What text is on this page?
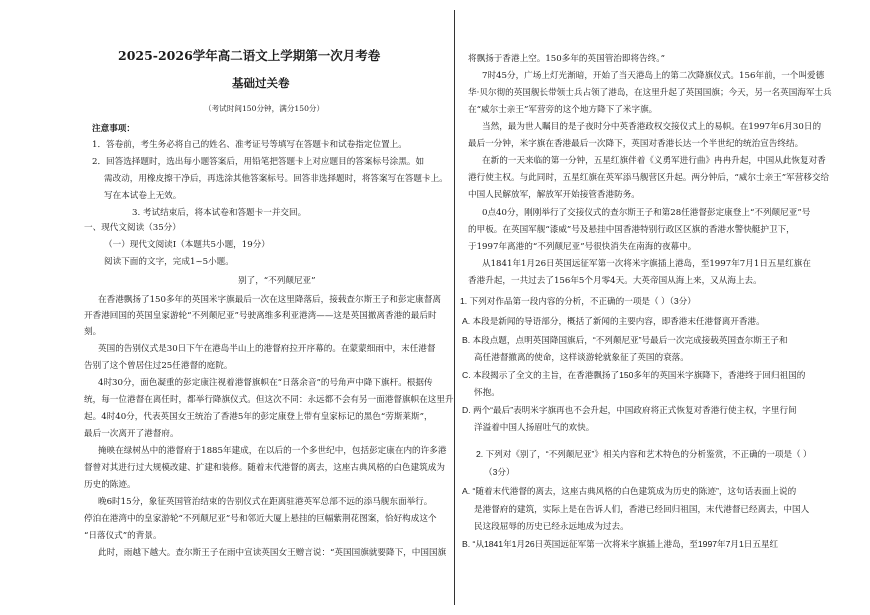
2025-2026学年高二语文上学期第一次月考卷
基础过关卷
（考试时间150分钟，满分150分）
注意事项：
1．答卷前，考生务必将自己的姓名、准考证号等填写在答题卡和试卷指定位置上。
2．回答选择题时，选出每小题答案后，用铅笔把答题卡上对应题目的答案标号涂黑。如
需改动，用橡皮擦干净后，再选涂其他答案标号。回答非选择题时，将答案写在答题卡上。
写在本试卷上无效。
3. 考试结束后，将本试卷和答题卡一并交回。
一、现代文阅读（35分）
（一）现代文阅读Ⅰ（本题共5小题，19分）
阅读下面的文字，完成1~5小题。
别了，“不列颠尼亚”
在香港飘扬了150多年的英国米字旗最后一次在这里降落后，接载查尔斯王子和彭定康督离
开香港回国的英国皇家游轮“不列颠尼亚”号驶离维多利亚港湾——这是英国撤离香港的最后时
刻。
英国的告别仪式是30日下午在港岛半山上的港督府拉开序幕的。在蒙蒙细雨中，末任港督
告别了这个曾居住过25任港督的庭院。
4时30分，面色凝重的彭定康注视着港督旗帜在“日落余音”的号角声中降下旗杆。根据传
统，每一位港督在离任时，都举行降旗仪式。但这次不同：永远都不会有另一面港督旗帜在这里升
起。4时40分，代表英国女王统治了香港5年的彭定康登上带有皇家标记的黑色“劳斯莱斯”，
最后一次离开了港督府。
掩映在绿树丛中的港督府于1885年建成，在以后的一个多世纪中，包括彭定康在内的许多港
督曾对其进行过大规模改建、扩建和装修。随着末代港督的离去，这座古典风格的白色建筑成为
历史的陈迹。
晚6时15分，象征英国管治结束的告别仪式在距离驻港英军总部不远的添马舰东面举行。
停泊在港湾中的皇家游轮“不列颠尼亚”号和邻近大厦上悬挂的巨幅紫荆花图案，恰好构成这个
“日落仪式”的背景。
此时，雨越下越大。查尔斯王子在雨中宣读英国女王赠言说：“英国国旗就要降下，中国国旗
将飘扬于香港上空。150多年的英国管治即将告终。”
7时45分，广场上灯光渐暗，开始了当天港岛上的第二次降旗仪式。156年前，一个叫爱德
华·贝尔彻的英国舰长带领士兵占领了港岛，在这里升起了英国国旗；今天，另一名英国海军士兵
在“威尔士亲王”军营旁的这个地方降下了米字旗。
当然，最为世人瞩目的是子夜时分中英香港政权交接仪式上的易帜。在1997年6月30日的
最后一分钟，米字旗在香港最后一次降下，英国对香港长达一个半世纪的统治宣告终结。
在新的一天来临的第一分钟，五星红旗伴着《义勇军进行曲》冉冉升起，中国从此恢复对香
港行使主权。与此同时，五星红旗在英军添马舰营区升起。两分钟后，“威尔士亲王”军营移交给
中国人民解放军，解放军开始接管香港防务。
0点40分，刚刚举行了交接仪式的查尔斯王子和第28任港督彭定康登上“不列颠尼亚”号
的甲板。在英国军舰“漆威”号及悬挂中国香港特别行政区区旗的香港水警快艇护卫下，
于1997年离港的“不列颠尼亚”号很快消失在南海的夜幕中。
从1841年1月26日英国远征军第一次将米字旗插上港岛，至1997年7月1日五星红旗在
香港升起，一共过去了156年5个月零4天。大英帝国从海上来，又从海上去。
1. 下列对作品第一段内容的分析，不正确的一项是（ ）（3分）
A. 本段是新闻的导语部分，概括了新闻的主要内容，即香港末任港督离开香港。
B. 本段点题，点明英国降国旗后，“不列颠尼亚”号最后一次完成接载英国查尔斯王子和
高任港督撤离的使命，这样谈游轮就象征了英国的衰落。
C. 本段揭示了全文的主旨，在香港飘扬了150多年的英国米字旗降下，香港终于回归祖国的
怀抱。
D. 两个“最后”表明米字旗再也不会升起，中国政府将正式恢复对香港行使主权，字里行间
洋溢着中国人扬眉吐气的欢快。
2. 下列对《别了，“不列颠尼亚”》相关内容和艺术特色的分析鉴赏，不正确的一项是（ ）
（3分）
A. “随着末代港督的离去，这座古典风格的白色建筑成为历史的陈迹”，这句话表面上说的
是港督府的建筑，实际上是在告诉人们，香港已经回归祖国，末代港督已经离去，中国人
民这段屈辱的历史已经永远地成为过去。
B. “从1841年1月26日英国远征军第一次将米字旗插上港岛，至1997年7月1日五星红
